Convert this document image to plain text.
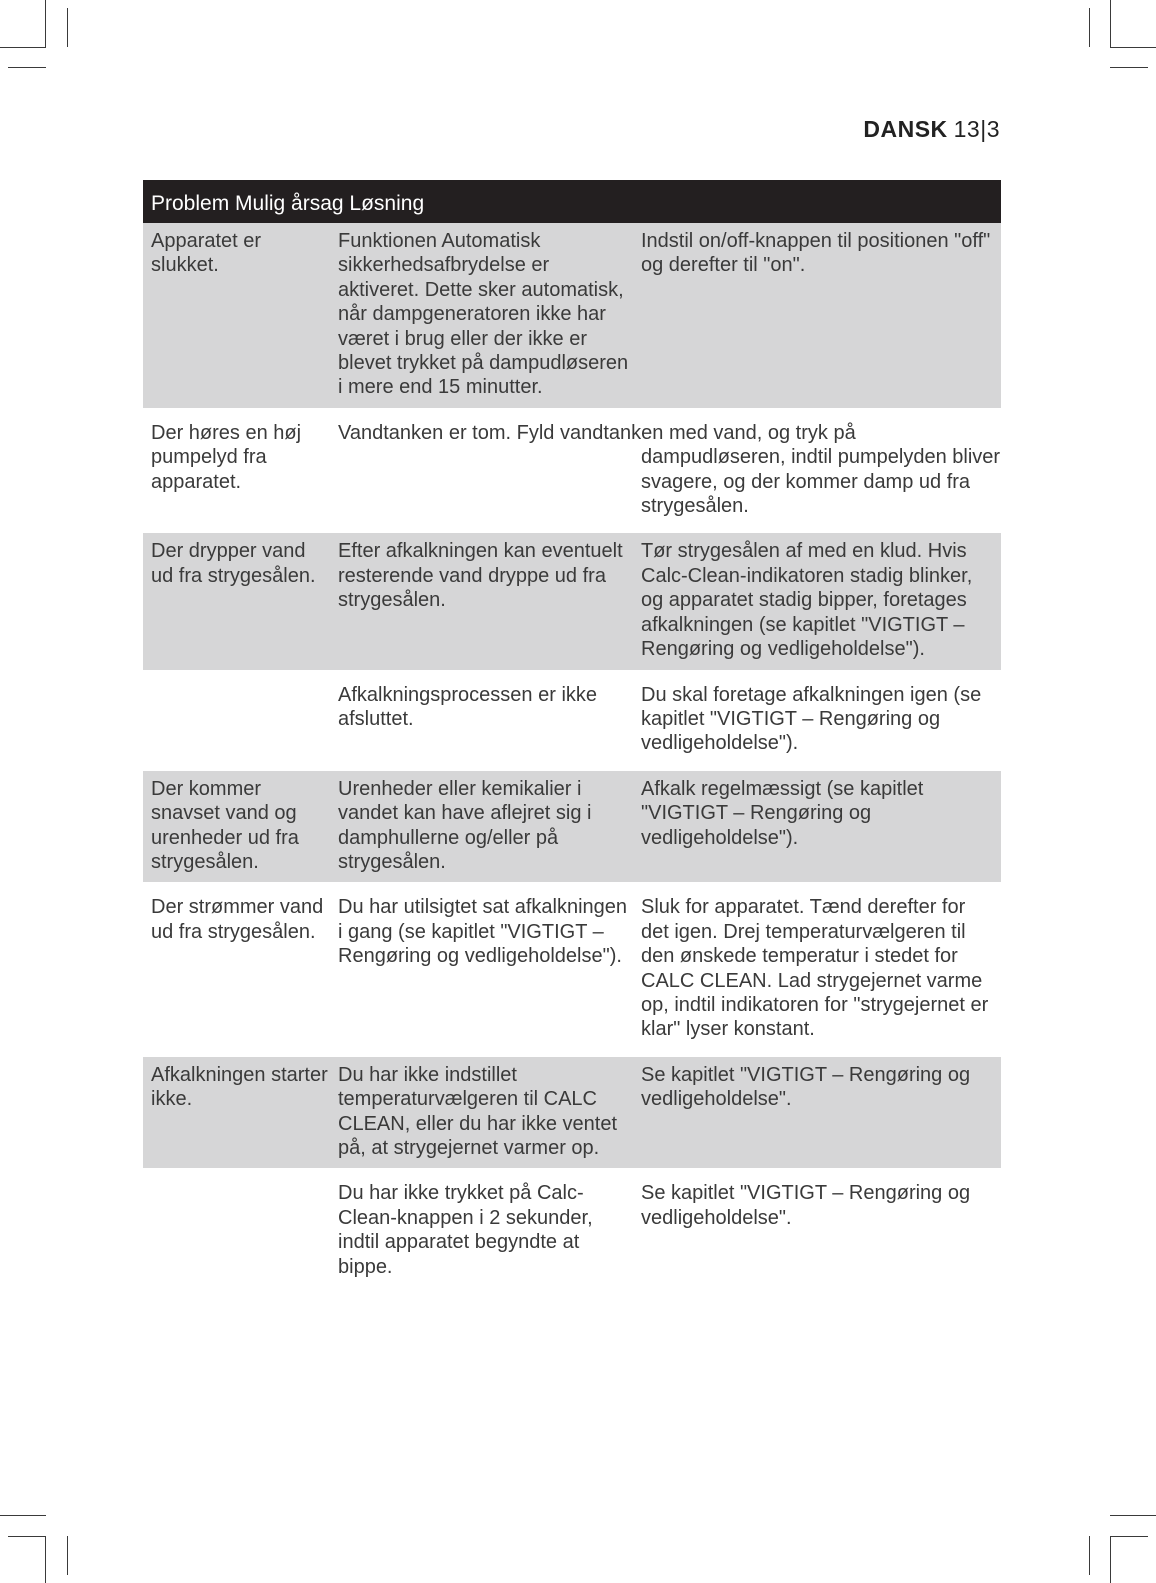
DANSK 13|3
Problem Mulig årsag Løsning
Apparatet er slukket.
Funktionen Automatisk sikkerhedsafbrydelse er aktiveret. Dette sker automatisk, når dampgeneratoren ikke har været i brug eller der ikke er blevet trykket på dampudløseren i mere end 15 minutter.
Indstil on/off-knappen til positionen "off" og derefter til "on".
Der høres en høj pumpelyd fra apparatet.
Vandtanken er tom. Fyld vandtanken med vand, og tryk på
dampudløseren, indtil pumpelyden bliver svagere, og der kommer damp ud fra strygesålen.
Der drypper vand ud fra strygesålen.
Efter afkalkningen kan eventuelt resterende vand dryppe ud fra strygesålen.
Tør strygesålen af med en klud. Hvis Calc-Clean-indikatoren stadig blinker, og apparatet stadig bipper, foretages afkalkningen (se kapitlet "VIGTIGT – Rengøring og vedligeholdelse").
Afkalkningsprocessen er ikke afsluttet.
Du skal foretage afkalkningen igen (se kapitlet "VIGTIGT – Rengøring og vedligeholdelse").
Der kommer snavset vand og urenheder ud fra strygesålen.
Urenheder eller kemikalier i vandet kan have aflejret sig i damphullerne og/eller på strygesålen.
Afkalk regelmæssigt (se kapitlet "VIGTIGT – Rengøring og vedligeholdelse").
Der strømmer vand ud fra strygesålen.
Du har utilsigtet sat afkalkningen i gang (se kapitlet "VIGTIGT – Rengøring og vedligeholdelse").
Sluk for apparatet. Tænd derefter for det igen. Drej temperaturvælgeren til den ønskede temperatur i stedet for CALC CLEAN. Lad strygejernet varme op, indtil indikatoren for "strygejernet er klar" lyser konstant.
Afkalkningen starter ikke.
Du har ikke indstillet temperaturvælgeren til CALC CLEAN, eller du har ikke ventet på, at strygejernet varmer op.
Se kapitlet "VIGTIGT – Rengøring og vedligeholdelse".
Du har ikke trykket på Calc-Clean-knappen i 2 sekunder, indtil apparatet begyndte at bippe.
Se kapitlet "VIGTIGT – Rengøring og vedligeholdelse".
